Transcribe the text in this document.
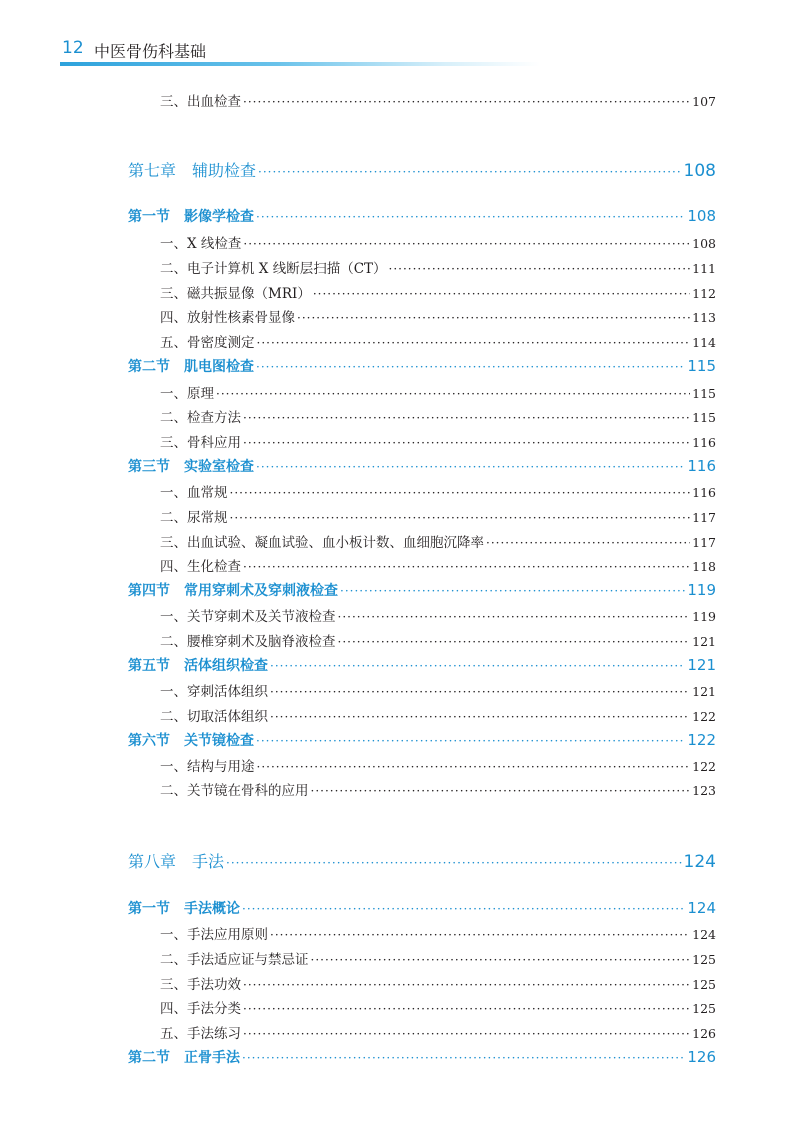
12 中医骨伤科基础
三、出血检查 ·····	107
第七章 辅助检查 ·····	108
第一节 影像学检查 ·····	108
一、X 线检查 ·····	108
二、电子计算机 X 线断层扫描（CT） ·····	111
三、磁共振显像（MRI） ·····	112
四、放射性核素骨显像 ·····	113
五、骨密度测定 ·····	114
第二节 肌电图检查 ·····	115
一、原理 ·····	115
二、检查方法 ·····	115
三、骨科应用 ·····	116
第三节 实验室检查 ·····	116
一、血常规 ·····	116
二、尿常规 ·····	117
三、出血试验、凝血试验、血小板计数、血细胞沉降率 ·····	117
四、生化检查 ·····	118
第四节 常用穿刺术及穿刺液检查 ·····	119
一、关节穿刺术及关节液检查 ·····	119
二、腰椎穿刺术及脑脊液检查 ·····	121
第五节 活体组织检查 ·····	121
一、穿刺活体组织 ·····	121
二、切取活体组织 ·····	122
第六节 关节镜检查 ·····	122
一、结构与用途 ·····	122
二、关节镜在骨科的应用 ·····	123
第八章 手法 ·····	124
第一节 手法概论 ·····	124
一、手法应用原则 ·····	124
二、手法适应证与禁忌证 ·····	125
三、手法功效 ·····	125
四、手法分类 ·····	125
五、手法练习 ·····	126
第二节 正骨手法 ·····	126
